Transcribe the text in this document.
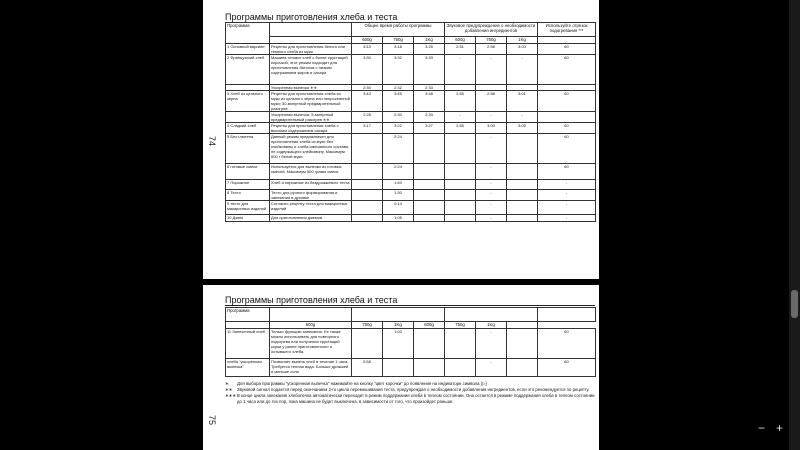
74
Программы приготовления хлеба и теста
Программа		Общее время работы программы			Звуковое предупреждение о необходимости добавления ингредиентов			Используйте отрезок подогревания ***
		600g	750g	1Kg	600g	750g	1Kg	
1 Основной вариант	Рецепты для приготовления белого или темного хлеба из муки	3:13	3:18	3:25	2:51	2:56	3:03	60
2 Французский хлеб	Машина готовит хлеб с более хрустящей корочкой, этот режим подходит для приготовления батонов с низким содержанием жиров и сахара	3:30	3:32	3:33	-	-	-	60
	Ускоренная выпечка ∗∗	2:30	2:32	2:33				
3 Хлеб из цельного зерна	Рецепты для приготовления хлеба из муки из цельного зерна или непросеянной муки; 30-минутный предварительный разогрев	3:43	3:45	3:48	2:55	2:58	3:01	60
	Ускоренная выпечка; 5-минутный предварительный разогрев ∗∗	2:28	2:30	2:33	-	-	-	
4 Сладкий хлеб	Рецепты для приготовления хлеба с высоким содержанием сахара	3:17	3:22	3:27	2:55	3:00	3:05	60
5 Без глютена	Данный режим предназначен для приготовления хлеба из муки без клейковины и хлеба смешанного состава, не содержащего клейковину. Максимум 600 г белой муки		2:24			-		60
6 готовые смеси	Используется для выпечки из готовых смесей. Максимум 500 грамм смеси		2:24			-		60
7 Пирожное	Хлеб и пирожные из бездрожжевого теста		1:40			-		-
8 Тесто	Тесто для ручного формирования и запекания в духовке		1:30			-		-
9 тесто для макаронных изделий	Согласно рецепту теста для макаронных изделий		0:14			-		-
10 Джем	Для приготовления джемов.		1:05			-		-
75
Программы приготовления хлеба и теста
Программа								
	600g	750g	1Kg	600g	750g	1Kg		
11 Запеченный хлеб	Только функцию запекания. Ее также можно использовать для повторного подогрева или получения хрустящей корки у ранее приготовленного и остывшего хлеба.		1:00			-		60
хлеба "ускоренная выпечка"	Позволяет выпечь хлеб в течение 1 часа. Требуется теплая вода. Больше дрожжей и меньше соли	0:58				-		60
∗	Для выбора программы "ускоренная выпечка" нажимайте на кнопку "цвет корочки" до появления на индикаторе символа (▷)
∗∗	Звуковой сигнал подается перед окончанием 2-го цикла перемешивания теста, предупреждая о необходимости добавления ингредиентов, если это рекомендуется по рецепту.
∗∗∗ В конце цикла запекания хлебопечка автоматически переходит в режим поддержания хлеба в теплом состоянии. Она остается в режиме поддержания хлеба в теплом состоянии до 1 часа или до тех пор, пока машина не будет выключена, в зависимости от того, что произойдет раньше.
− +
